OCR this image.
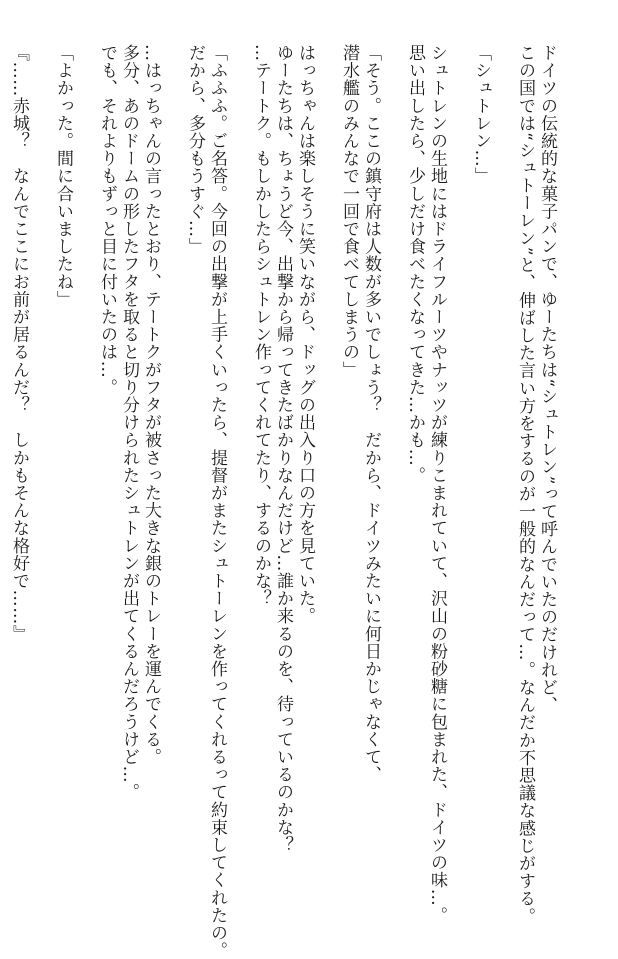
ドイツの伝統的な菓子パンで、ゆーたちは“シュトレン”って呼んでいたのだけれど、
この国では“シュトーレン”と、伸ばした言い方をするのが一般的なんだって…。なんだか不思議な感じがする。
「シュトレン…」
シュトレンの生地にはドライフルーツやナッツが練りこまれていて、沢山の粉砂糖に包まれた、ドイツの味…。
思い出したら、少しだけ食べたくなってきた…かも…。
「そう。ここの鎮守府は人数が多いでしょう？　だから、ドイツみたいに何日かじゃなくて、
潜水艦のみんなで一回で食べてしまうの」
はっちゃんは楽しそうに笑いながら、ドッグの出入り口の方を見ていた。
ゆーたちは、ちょうど今、出撃から帰ってきたばかりなんだけど…誰か来るのを、待っているのかな？
…テートク。もしかしたらシュトレン作ってくれてたり、するのかな？
「ふふふ。ご名答。今回の出撃が上手くいったら、提督がまたシュトーレンを作ってくれるって約束してくれたの。
だから、多分もうすぐ…」
…はっちゃんの言ったとおり、テートクがフタが被さった大きな銀のトレーを運んでくる。
多分、あのドームの形したフタを取ると切り分けられたシュトレンが出てくるんだろうけど…。
でも、それよりもずっと目に付いたのは…。
「よかった。間に合いましたね」
『……赤城？　なんでここにお前が居るんだ？　しかもそんな格好で……』
